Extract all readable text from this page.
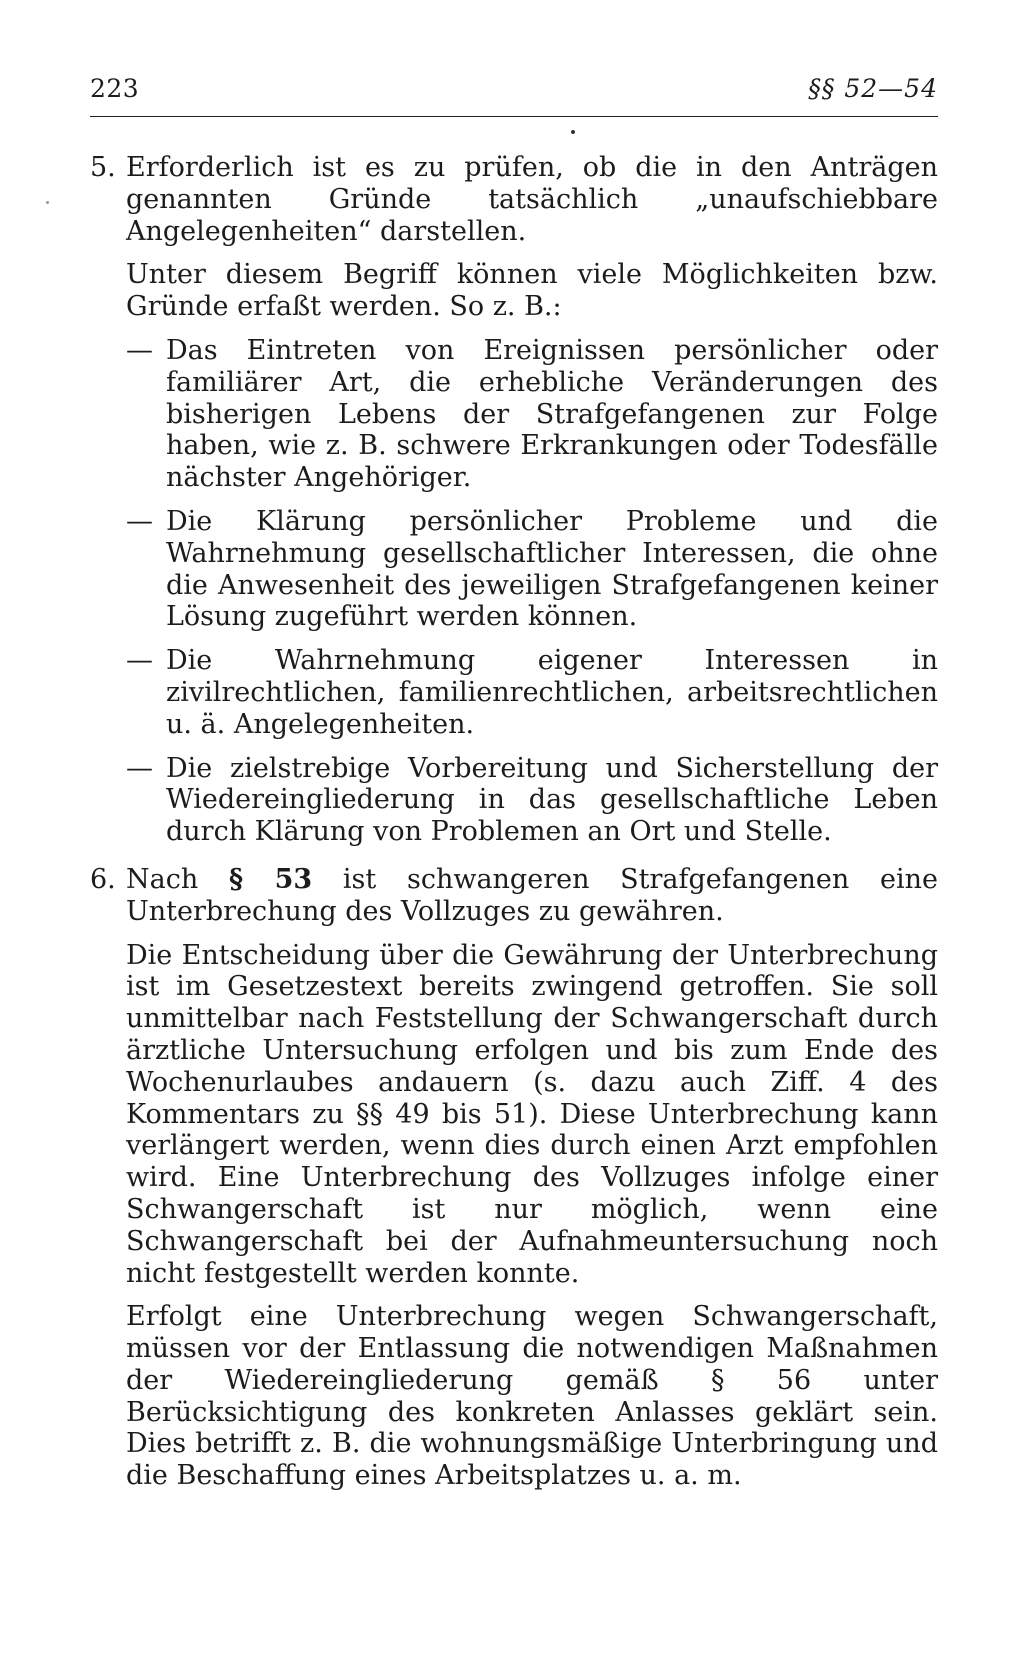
223	§§ 52—54
5. Erforderlich ist es zu prüfen, ob die in den Anträgen genannten Gründe tatsächlich „unaufschiebbare Angelegenheiten“ darstellen.

Unter diesem Begriff können viele Möglichkeiten bzw. Gründe erfaßt werden. So z. B.:

— Das Eintreten von Ereignissen persönlicher oder familiärer Art, die erhebliche Veränderungen des bisherigen Lebens der Strafgefangenen zur Folge haben, wie z. B. schwere Erkrankungen oder Todesfälle nächster Angehöriger.
— Die Klärung persönlicher Probleme und die Wahrnehmung gesellschaftlicher Interessen, die ohne die Anwesenheit des jeweiligen Strafgefangenen keiner Lösung zugeführt werden können.
— Die Wahrnehmung eigener Interessen in zivilrechtlichen, familienrechtlichen, arbeitsrechtlichen u. ä. Angelegenheiten.
— Die zielstrebige Vorbereitung und Sicherstellung der Wiedereingliederung in das gesellschaftliche Leben durch Klärung von Problemen an Ort und Stelle.
6. Nach § 53 ist schwangeren Strafgefangenen eine Unterbrechung des Vollzuges zu gewähren.

Die Entscheidung über die Gewährung der Unterbrechung ist im Gesetzestext bereits zwingend getroffen. Sie soll unmittelbar nach Feststellung der Schwangerschaft durch ärztliche Untersuchung erfolgen und bis zum Ende des Wochenurlaubes andauern (s. dazu auch Ziff. 4 des Kommentars zu §§ 49 bis 51). Diese Unterbrechung kann verlängert werden, wenn dies durch einen Arzt empfohlen wird. Eine Unterbrechung des Vollzuges infolge einer Schwangerschaft ist nur möglich, wenn eine Schwangerschaft bei der Aufnahmeuntersuchung noch nicht festgestellt werden konnte.

Erfolgt eine Unterbrechung wegen Schwangerschaft, müssen vor der Entlassung die notwendigen Maßnahmen der Wiedereingliederung gemäß § 56 unter Berücksichtigung des konkreten Anlasses geklärt sein. Dies betrifft z. B. die wohnungsmäßige Unterbringung und die Beschaffung eines Arbeitsplatzes u. a. m.
